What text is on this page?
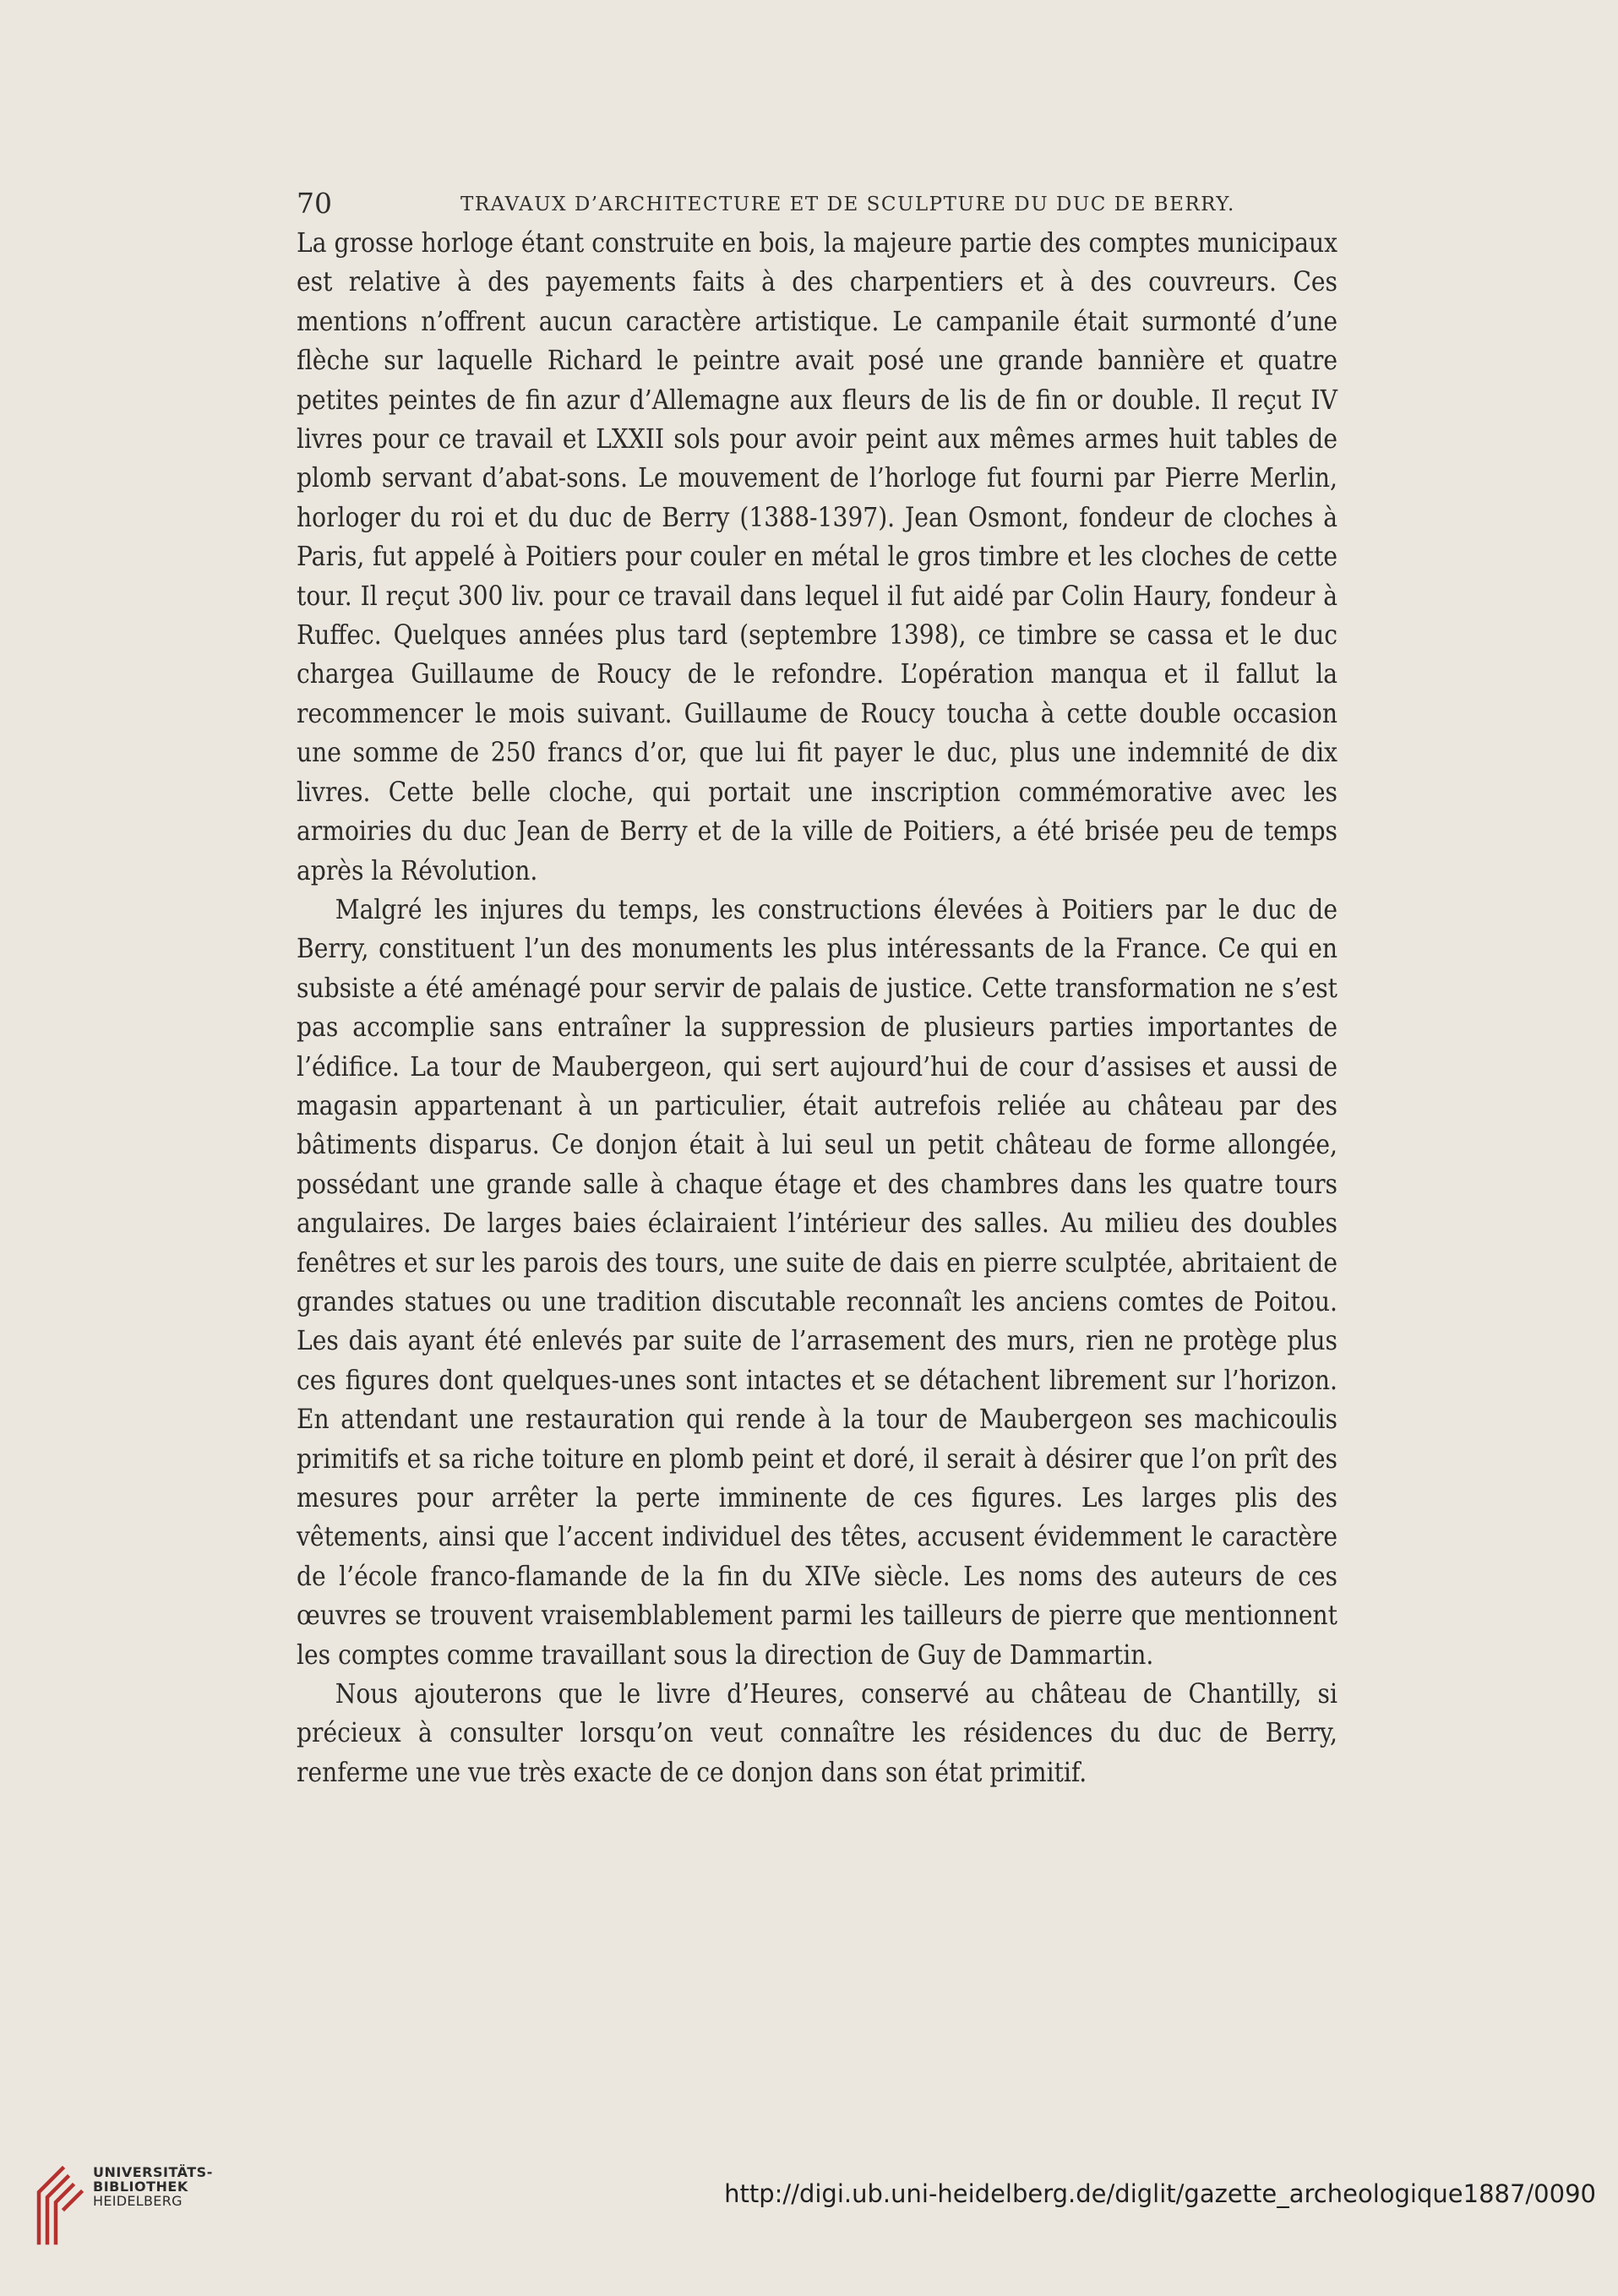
70	TRAVAUX D’ARCHITECTURE ET DE SCULPTURE DU DUC DE BERRY.

La grosse horloge étant construite en bois, la majeure partie des comptes municipaux est relative à des payements faits à des charpentiers et à des couvreurs. Ces mentions n’offrent aucun caractère artistique. Le campanile était surmonté d’une flèche sur laquelle Richard le peintre avait posé une grande bannière et quatre petites peintes de fin azur d’Allemagne aux fleurs de lis de fin or double. Il reçut IV livres pour ce travail et LXXII sols pour avoir peint aux mêmes armes huit tables de plomb servant d’abat-sons. Le mouvement de l’horloge fut fourni par Pierre Merlin, horloger du roi et du duc de Berry (1388-1397). Jean Osmont, fondeur de cloches à Paris, fut appelé à Poitiers pour couler en métal le gros timbre et les cloches de cette tour. Il reçut 300 liv. pour ce travail dans lequel il fut aidé par Colin Haury, fondeur à Ruffec. Quelques années plus tard (septembre 1398), ce timbre se cassa et le duc chargea Guillaume de Roucy de le refondre. L’opération manqua et il fallut la recommencer le mois suivant. Guillaume de Roucy toucha à cette double occasion une somme de 250 francs d’or, que lui fit payer le duc, plus une indemnité de dix livres. Cette belle cloche, qui portait une inscription commémorative avec les armoiries du duc Jean de Berry et de la ville de Poitiers, a été brisée peu de temps après la Révolution.

Malgré les injures du temps, les constructions élevées à Poitiers par le duc de Berry, constituent l’un des monuments les plus intéressants de la France. Ce qui en subsiste a été aménagé pour servir de palais de justice. Cette transformation ne s’est pas accomplie sans entraîner la suppression de plusieurs parties importantes de l’édifice. La tour de Maubergeon, qui sert aujourd’hui de cour d’assises et aussi de magasin appartenant à un particulier, était autrefois reliée au château par des bâtiments disparus. Ce donjon était à lui seul un petit château de forme allongée, possédant une grande salle à chaque étage et des chambres dans les quatre tours angulaires. De larges baies éclairaient l’intérieur des salles. Au milieu des doubles fenêtres et sur les parois des tours, une suite de dais en pierre sculptée, abritaient de grandes statues ou une tradition discutable reconnaît les anciens comtes de Poitou. Les dais ayant été enlevés par suite de l’arrasement des murs, rien ne protège plus ces figures dont quelques-unes sont intactes et se détachent librement sur l’horizon. En attendant une restauration qui rende à la tour de Maubergeon ses machicoulis primitifs et sa riche toiture en plomb peint et doré, il serait à désirer que l’on prît des mesures pour arrêter la perte imminente de ces figures. Les larges plis des vêtements, ainsi que l’accent individuel des têtes, accusent évidemment le caractère de l’école franco-flamande de la fin du XIVe siècle. Les noms des auteurs de ces œuvres se trouvent vraisemblablement parmi les tailleurs de pierre que mentionnent les comptes comme travaillant sous la direction de Guy de Dammartin.

Nous ajouterons que le livre d’Heures, conservé au château de Chantilly, si précieux à consulter lorsqu’on veut connaître les résidences du duc de Berry, renferme une vue très exacte de ce donjon dans son état primitif.

UNIVERSITÄTS-
BIBLIOTHEK
HEIDELBERG	http://digi.ub.uni-heidelberg.de/diglit/gazette_archeologique1887/0090
